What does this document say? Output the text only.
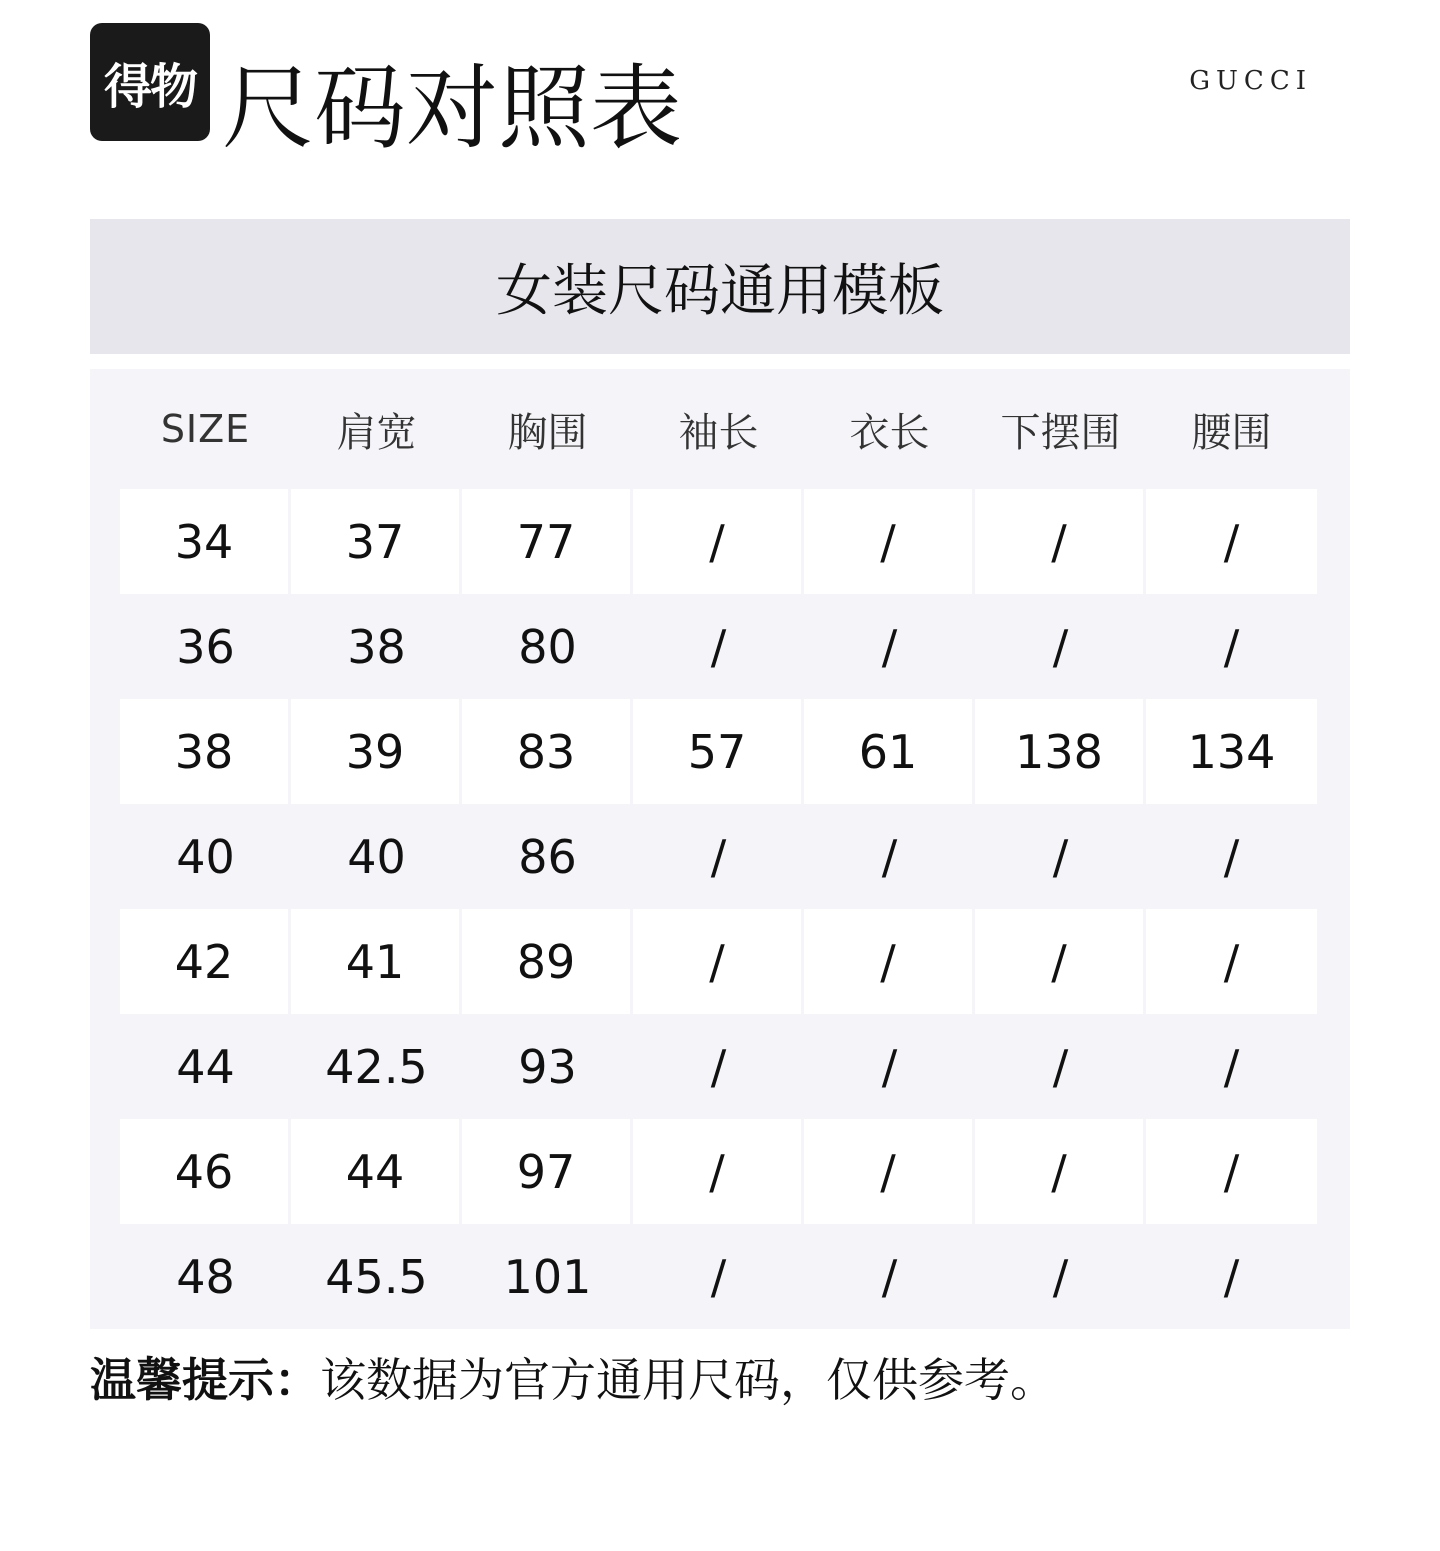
得物 尺码对照表	GUCCI
女装尺码通用模板
SIZE	肩宽	胸围	袖长	衣长	下摆围	腰围
34	37	77	/	/	/	/
36	38	80	/	/	/	/
38	39	83	57	61	138	134
40	40	86	/	/	/	/
42	41	89	/	/	/	/
44	42.5	93	/	/	/	/
46	44	97	/	/	/	/
48	45.5	101	/	/	/	/
温馨提示：该数据为官方通用尺码，仅供参考。
